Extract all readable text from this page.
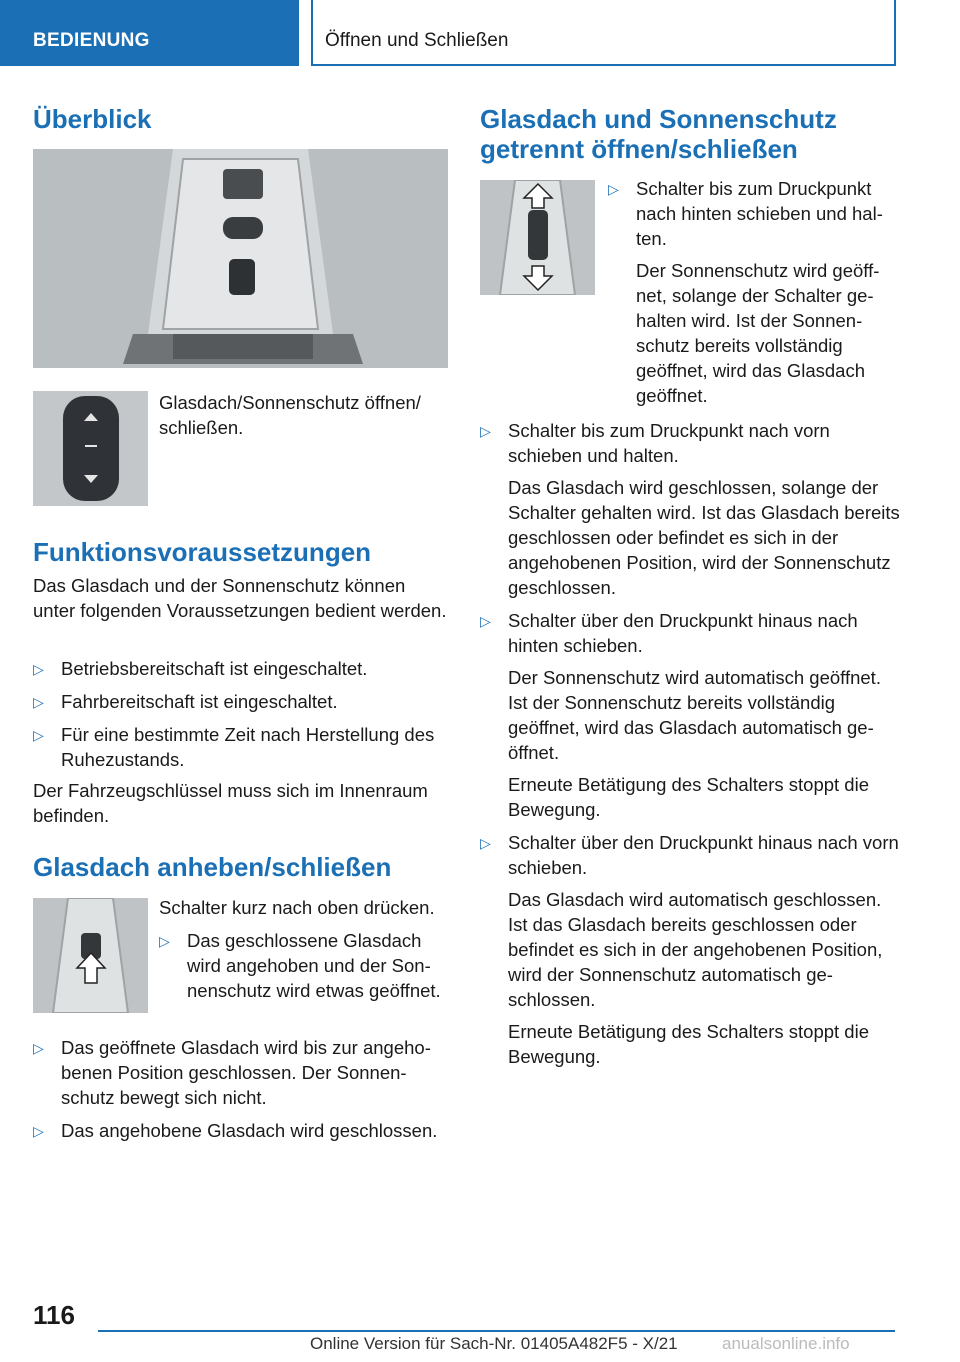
BEDIENUNG	Öffnen und Schließen
Überblick

Glasdach/Sonnenschutz öffnen/ schließen.

Funktionsvoraussetzungen

Das Glasdach und der Sonnenschutz können unter folgenden Voraussetzungen bedient werden.

▷ Betriebsbereitschaft ist eingeschaltet.
▷ Fahrbereitschaft ist eingeschaltet.
▷ Für eine bestimmte Zeit nach Herstellung des Ruhezustands.

Der Fahrzeugschlüssel muss sich im Innenraum befinden.

Glasdach anheben/schließen

Schalter kurz nach oben drücken.

▷ Das geschlossene Glasdach wird angehoben und der Sonnenschutz wird etwas geöffnet.
▷ Das geöffnete Glasdach wird bis zur angehobenen Position geschlossen. Der Sonnenschutz bewegt sich nicht.
▷ Das angehobene Glasdach wird geschlossen.
Glasdach und Sonnenschutz getrennt öffnen/schließen
▷ Schalter bis zum Druckpunkt nach hinten schieben und halten.

Der Sonnenschutz wird geöffnet, solange der Schalter gehalten wird. Ist der Sonnenschutz bereits vollständig geöffnet, wird das Glasdach geöffnet.

▷ Schalter bis zum Druckpunkt nach vorn schieben und halten.

Das Glasdach wird geschlossen, solange der Schalter gehalten wird. Ist das Glasdach bereits geschlossen oder befindet es sich in der angehobenen Position, wird der Sonnenschutz geschlossen.

▷ Schalter über den Druckpunkt hinaus nach hinten schieben.

Der Sonnenschutz wird automatisch geöffnet. Ist der Sonnenschutz bereits vollständig geöffnet, wird das Glasdach automatisch geöffnet.

Erneute Betätigung des Schalters stoppt die Bewegung.

▷ Schalter über den Druckpunkt hinaus nach vorn schieben.

Das Glasdach wird automatisch geschlossen. Ist das Glasdach bereits geschlossen oder befindet es sich in der angehobenen Position, wird der Sonnenschutz automatisch geschlossen.

Erneute Betätigung des Schalters stoppt die Bewegung.

116
Online Version für Sach-Nr. 01405A482F5 - X/21	anualsonline.info
